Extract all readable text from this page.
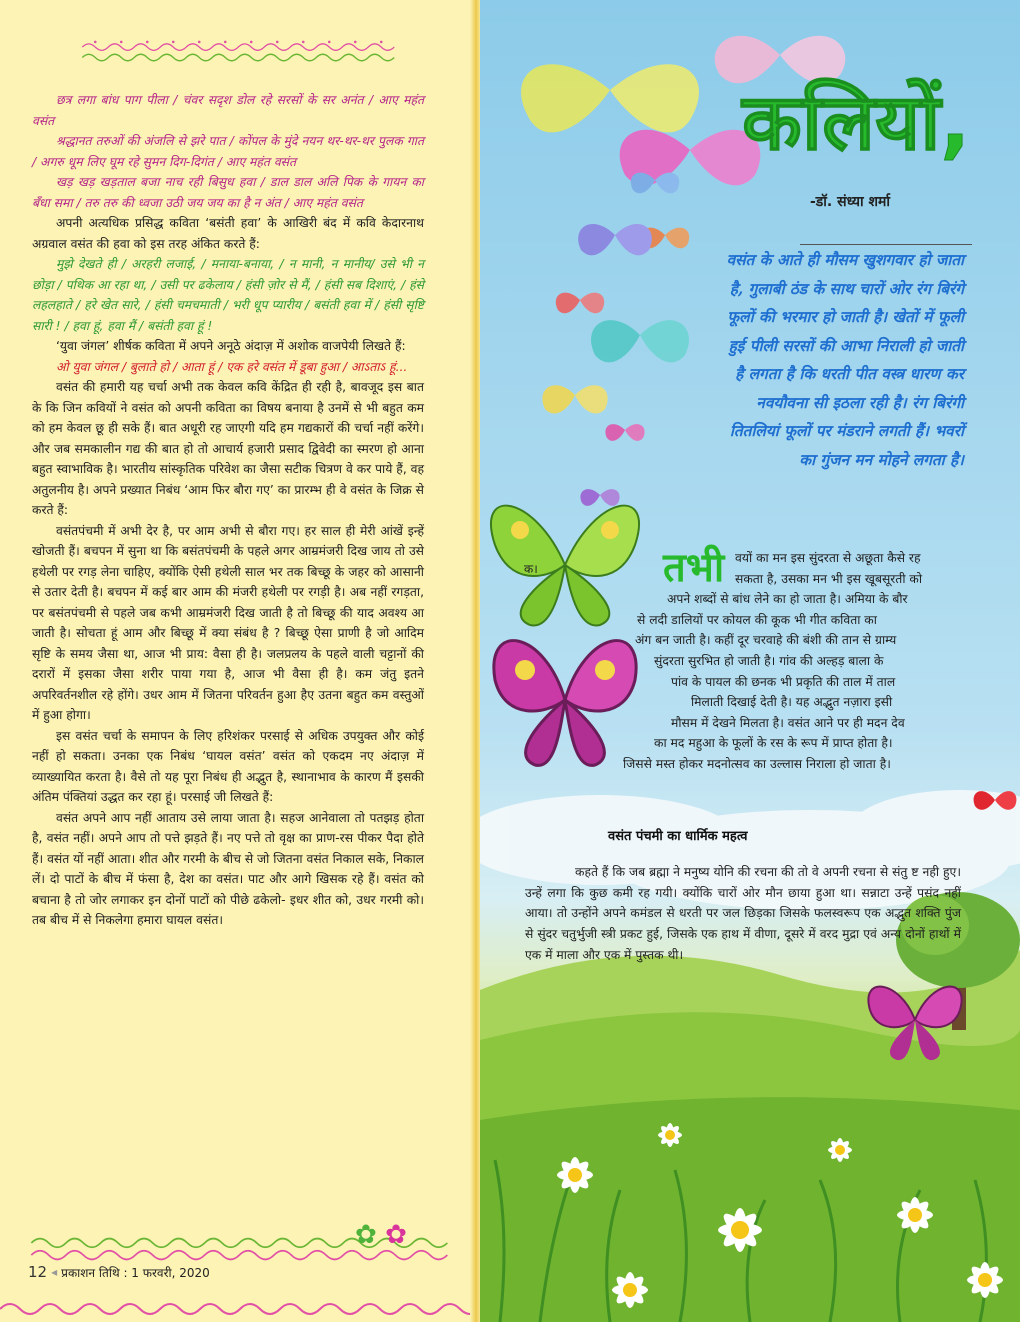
छत्र लगा बांध पाग पीला / चंवर सदृश डोल रहे सरसों के सर अनंत / आए महंत वसंत

श्रद्धानत तरुओं की अंजलि से झरे पात / कोंपल के मुंदे नयन थर-थर-थर पुलक गात / अगरु धूम लिए घूम रहे सुमन दिग-दिगंत / आए महंत वसंत

खड़ खड़ खड़ताल बजा नाच रही बिसुध हवा / डाल डाल अलि पिक के गायन का बँधा समा / तरु तरु की ध्वजा उठी जय जय का है न अंत / आए महंत वसंत

अपनी अत्यधिक प्रसिद्ध कविता ‘बसंती हवा’ के आखिरी बंद में कवि केदारनाथ अग्रवाल वसंत की हवा को इस तरह अंकित करते हैं:

मुझे देखते ही / अरहरी लजाई, / मनाया-बनाया, / न मानी, न मानीय/ उसे भी न छोड़ा / पथिक आ रहा था, / उसी पर ढकेलाय / हंसी ज़ोर से मैं, / हंसी सब दिशाएं, / हंसे लहलहाते / हरे खेत सारे, / हंसी चमचमाती / भरी धूप प्यारीय / बसंती हवा में / हंसी सृष्टि सारी ! / हवा हूं, हवा मैं / बसंती हवा हूं !

‘युवा जंगल’ शीर्षक कविता में अपने अनूठे अंदाज़ में अशोक वाजपेयी लिखते हैं:

ओ युवा जंगल / बुलाते हो / आता हूं / एक हरे वसंत में डूबा हुआ / आऽताऽ हूं...

वसंत की हमारी यह चर्चा अभी तक केवल कवि केंद्रित ही रही है, बावजूद इस बात के कि जिन कवियों ने वसंत को अपनी कविता का विषय बनाया है उनमें से भी बहुत कम को हम केवल छू ही सके हैं। बात अधूरी रह जाएगी यदि हम गद्यकारों की चर्चा नहीं करेंगे। और जब समकालीन गद्य की बात हो तो आचार्य हजारी प्रसाद द्विवेदी का स्मरण हो आना बहुत स्वाभाविक है। भारतीय सांस्कृतिक परिवेश का जैसा सटीक चित्रण वे कर पाये हैं, वह अतुलनीय है। अपने प्रख्यात निबंध ‘आम फिर बौरा गए’ का प्रारम्भ ही वे वसंत के जिक्र से करते हैं:

वसंतपंचमी में अभी देर है, पर आम अभी से बौरा गए। हर साल ही मेरी आंखें इन्हें खोजती हैं। बचपन में सुना था कि बसंतपंचमी के पहले अगर आम्रमंजरी दिख जाय तो उसे हथेली पर रगड़ लेना चाहिए, क्योंकि ऐसी हथेली साल भर तक बिच्छू के जहर को आसानी से उतार देती है। बचपन में कई बार आम की मंजरी हथेली पर रगड़ी है। अब नहीं रगड़ता, पर बसंतपंचमी से पहले जब कभी आम्रमंजरी दिख जाती है तो बिच्छू की याद अवश्य आ जाती है। सोचता हूं आम और बिच्छू में क्या संबंध है ? बिच्छू ऐसा प्राणी है जो आदिम सृष्टि के समय जैसा था, आज भी प्राय: वैसा ही है। जलप्रलय के पहले वाली चट्टानों की दरारों में इसका जैसा शरीर पाया गया है, आज भी वैसा ही है। कम जंतु इतने अपरिवर्तनशील रहे होंगे। उधर आम में जितना परिवर्तन हुआ हैए उतना बहुत कम वस्तुओं में हुआ होगा।

इस वसंत चर्चा के समापन के लिए हरिशंकर परसाई से अधिक उपयुक्त और कोई नहीं हो सकता। उनका एक निबंध ‘घायल वसंत’ वसंत को एकदम नए अंदाज़ में व्याख्यायित करता है। वैसे तो यह पूरा निबंध ही अद्भुत है, स्थानाभाव के कारण मैं इसकी अंतिम पंक्तियां उद्धत कर रहा हूं। परसाई जी लिखते हैं:

वसंत अपने आप नहीं आताय उसे लाया जाता है। सहज आनेवाला तो पतझड़ होता है, वसंत नहीं। अपने आप तो पत्ते झड़ते हैं। नए पत्ते तो वृक्ष का प्राण-रस पीकर पैदा होते हैं। वसंत यों नहीं आता। शीत और गरमी के बीच से जो जितना वसंत निकाल सके, निकाल लें। दो पाटों के बीच में फंसा है, देश का वसंत। पाट और आगे खिसक रहे हैं। वसंत को बचाना है तो जोर लगाकर इन दोनों पाटों को पीछे ढकेलो- इधर शीत को, उधर गरमी को। तब बीच में से निकलेगा हमारा घायल वसंत।

✿ ✿
12 ◂ प्रकाशन तिथि : 1 फरवरी, 2020
कलियों,
-डॉ. संध्या शर्मा

वसंत के आते ही मौसम खुशगवार हो जाता है, गुलाबी ठंड के साथ चारों ओर रंग बिरंगे फूलों की भरमार हो जाती है। खेतों में फूली हुई पीली सरसों की आभा निराली हो जाती है लगता है कि धरती पीत वस्त्र धारण कर नवयौवना सी इठला रही है। रंग बिरंगी तितलियां फूलों पर मंडराने लगती हैं। भवरों का गुंजन मन मोहने लगता है।

क।	तभी वयों का मन इस सुंदरता से अछूता कैसे रह
सकता है, उसका मन भी इस खूबसूरती को
अपने शब्दों से बांध लेने का हो जाता है। अमिया के बौर
से लदी डालियों पर कोयल की कूक भी गीत कविता का
अंग बन जाती है। कहीं दूर चरवाहे की बंशी की तान से ग्राम्य
सुंदरता सुरभित हो जाती है। गांव की अल्हड़ बाला के
पांव के पायल की छनक भी प्रकृति की ताल में ताल
मिलाती दिखाई देती है। यह अद्भुत नज़ारा इसी
मौसम में देखने मिलता है। वसंत आने पर ही मदन देव
का मद महुआ के फूलों के रस के रूप में प्राप्त होता है।
जिससे मस्त होकर मदनोत्सव का उल्लास निराला हो जाता है।
वसंत पंचमी का धार्मिक महत्व

कहते हैं कि जब ब्रह्मा ने मनुष्य योनि की रचना की तो वे अपनी रचना से संतु ष्ट नही हुए। उन्हें लगा कि कुछ कमी रह गयी। क्योंकि चारों ओर मौन छाया हुआ था। सन्नाटा उन्हें पसंद नहीं आया। तो उन्होंने अपने कमंडल से धरती पर जल छिड़का जिसके फलस्वरूप एक अद्भुत शक्ति पुंज से सुंदर चतुर्भुजी स्त्री प्रकट हुई, जिसके एक हाथ में वीणा, दूसरे में वरद मुद्रा एवं अन्य दोनों हाथों में एक में माला और एक में पुस्तक थी।
